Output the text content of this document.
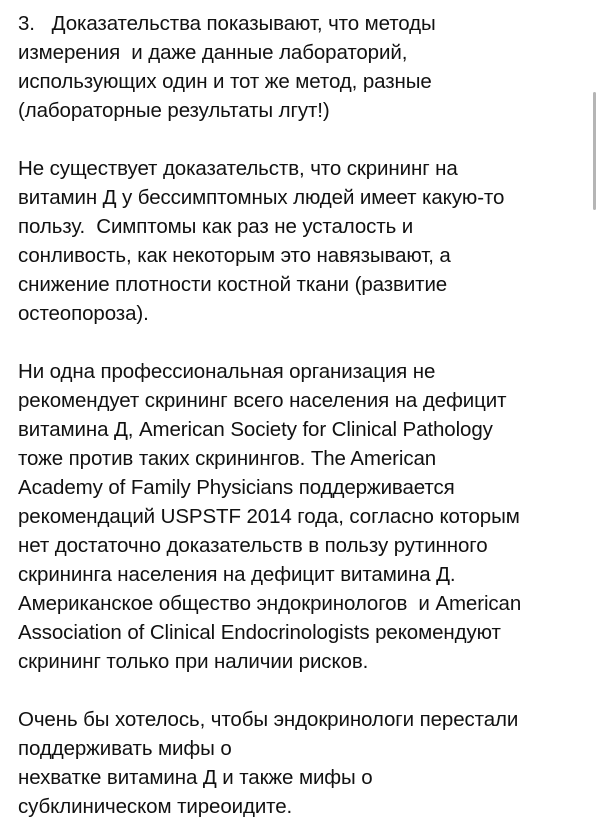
3.   Доказательства показывают, что методы
измерения  и даже данные лабораторий,
использующих один и тот же метод, разные
(лабораторные результаты лгут!)
Не существует доказательств, что скрининг на
витамин Д у бессимптомных людей имеет какую-то
пользу.  Симптомы как раз не усталость и
сонливость, как некоторым это навязывают, а
снижение плотности костной ткани (развитие
остеопороза).
Ни одна профессиональная организация не
рекомендует скрининг всего населения на дефицит
витамина Д, American Society for Clinical Pathology
тоже против таких скринингов. The American
Academy of Family Physicians поддерживается
рекомендаций USPSTF 2014 года, согласно которым
нет достаточно доказательств в пользу рутинного
скрининга населения на дефицит витамина Д.
Американское общество эндокринологов  и American
Association of Clinical Endocrinologists рекомендуют
скрининг только при наличии рисков.
Очень бы хотелось, чтобы эндокринологи перестали
поддерживать мифы о
нехватке витамина Д и также мифы о
субклиническом тиреоидите.
